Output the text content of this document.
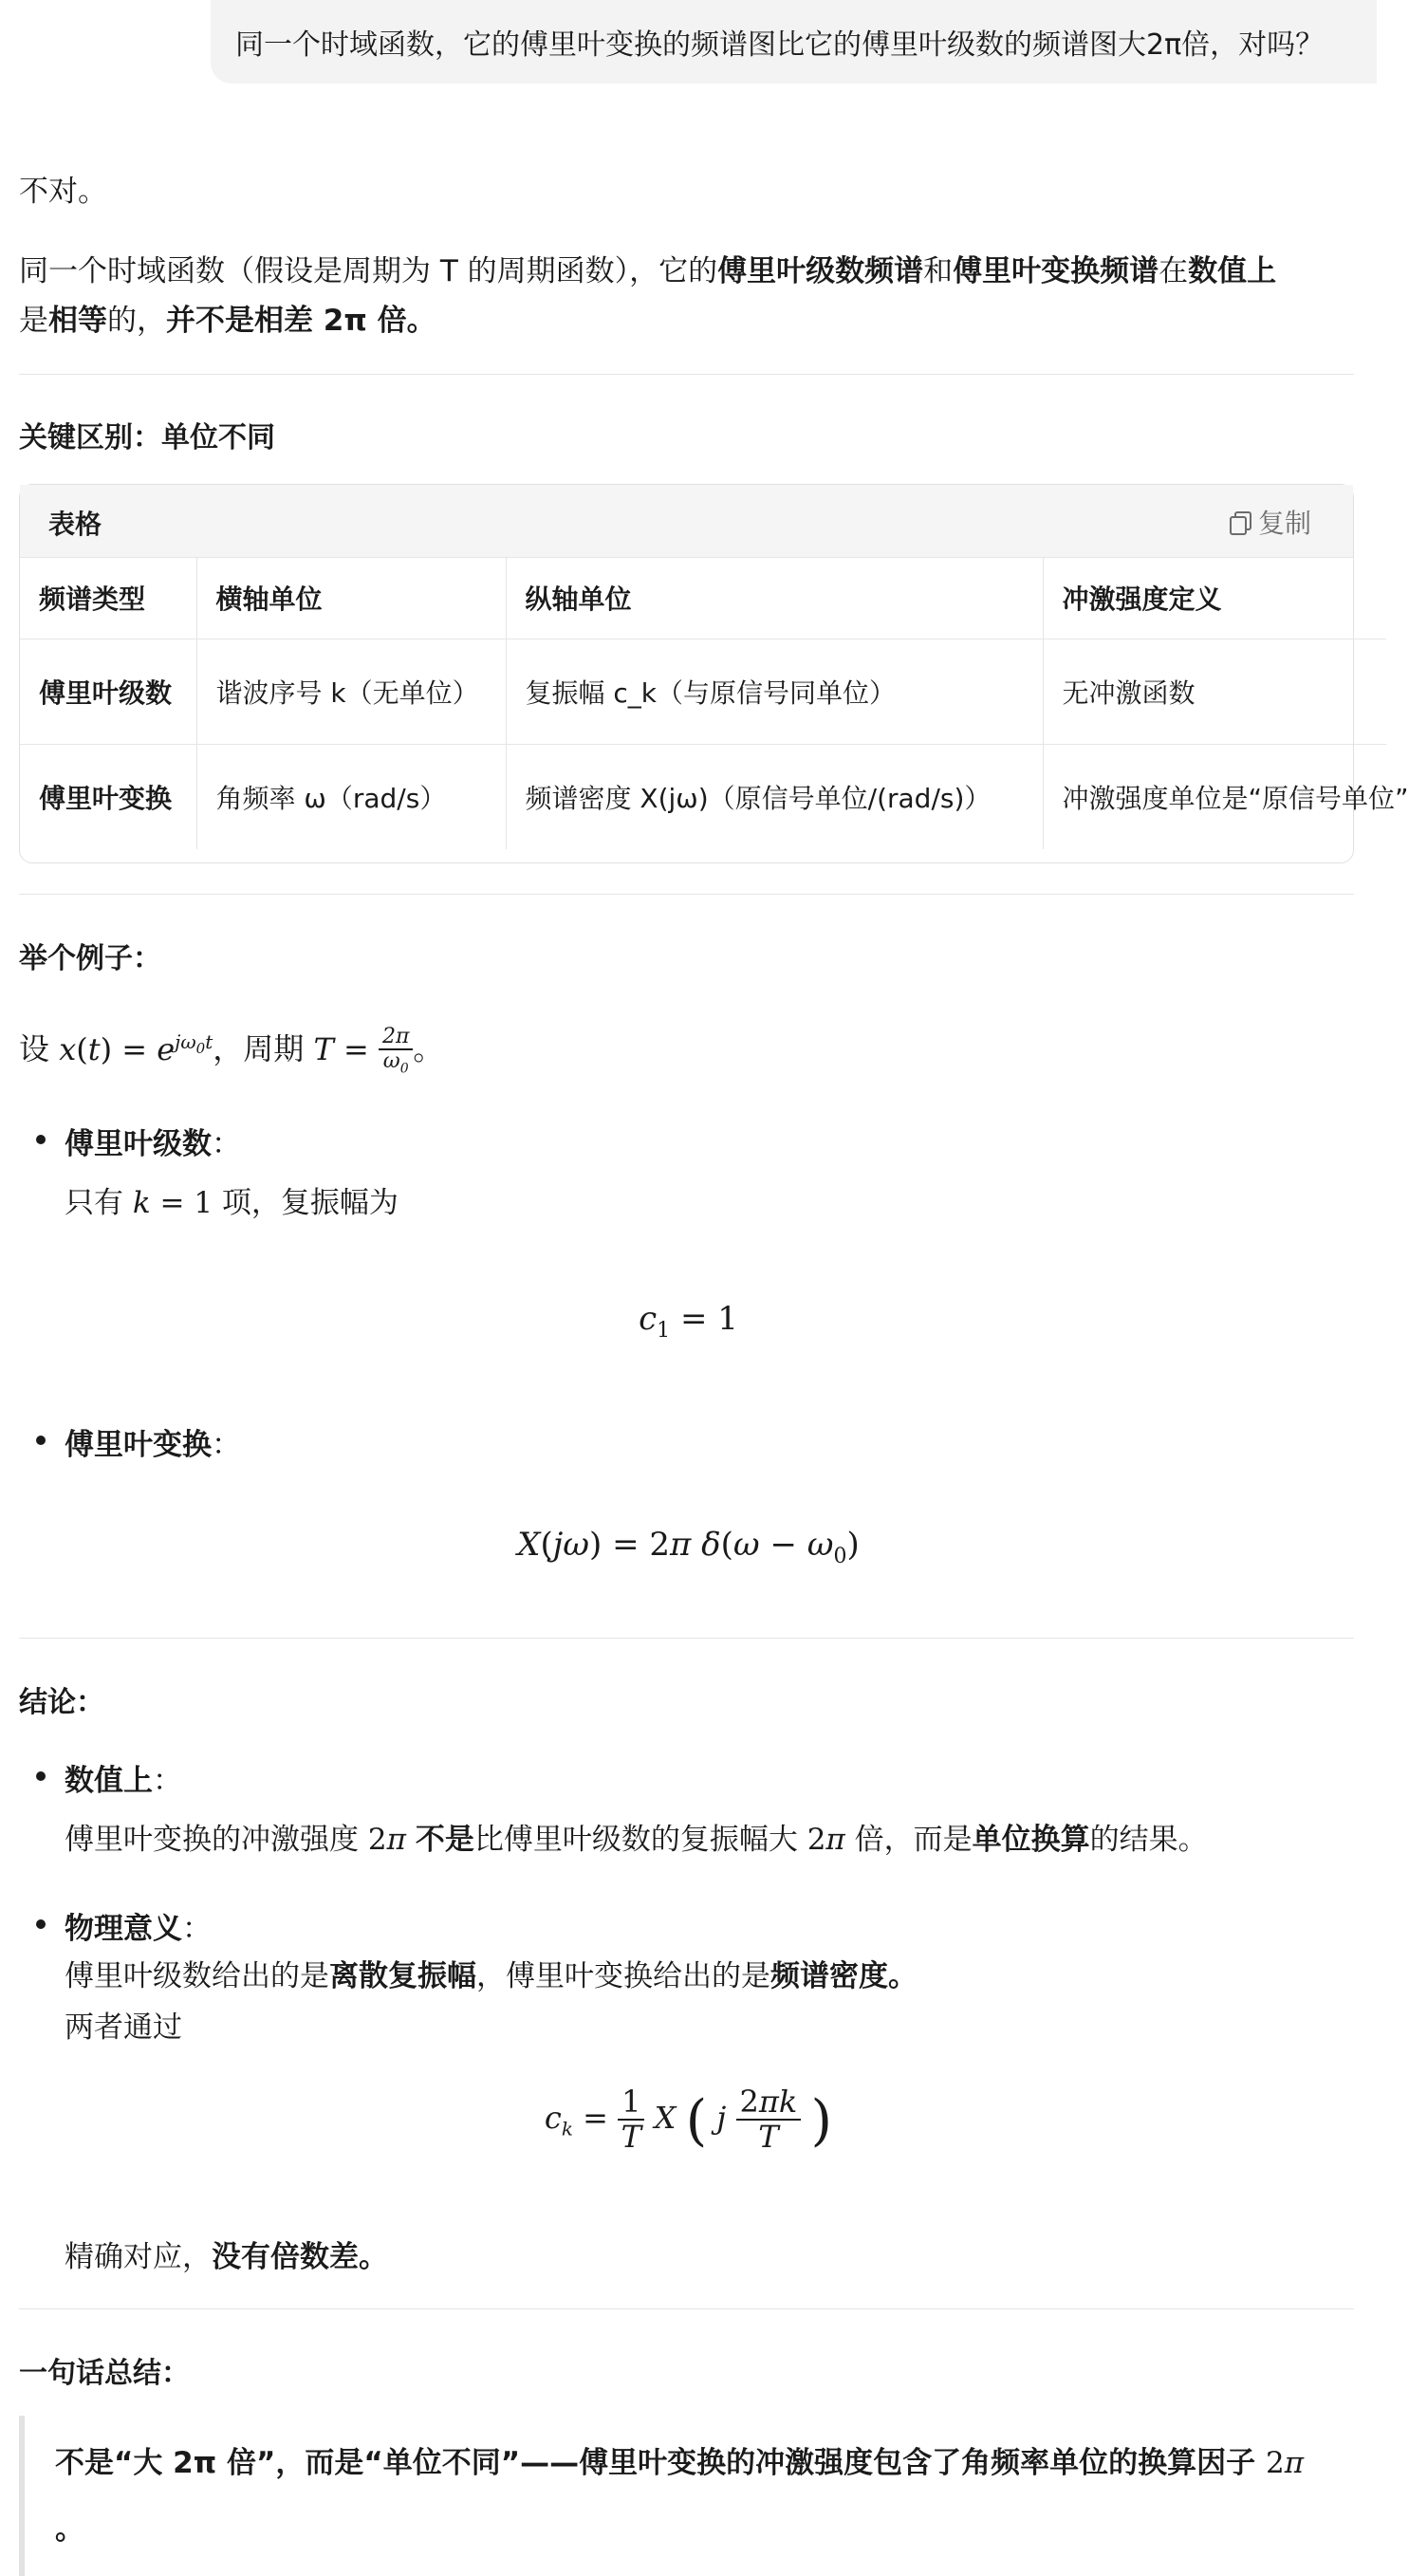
同一个时域函数，它的傅里叶变换的频谱图比它的傅里叶级数的频谱图大2π倍，对吗？
不对。
同一个时域函数（假设是周期为 T 的周期函数），它的傅里叶级数频谱和傅里叶变换频谱在数值上
是相等的，并不是相差 2π 倍。
关键区别：单位不同
表格	复制
频谱类型	横轴单位	纵轴单位	冲激强度定义
傅里叶级数	谐波序号 k（无单位）	复振幅 c_k（与原信号同单位）	无冲激函数
傅里叶变换	角频率 ω（rad/s）	频谱密度 X(jω)（原信号单位/(rad/s)）	冲激强度单位是“原信号单位”
举个例子：
设 $x(t) = e^{j\omega_0t}$，周期 $T = \frac{2\pi}{\omega_0}$ 。
傅里叶级数：
只有 k = 1 项，复振幅为
$c_1 = 1$
傅里叶变换：
X(jω) = 2π $\delta(\omega - \omega_0)$
结论：
数值上：
傅里叶变换的冲激强度 2π 不是比傅里叶级数的复振幅大 2π 倍，而是单位换算的结果。
物理意义：
傅里叶级数给出的是离散复振幅，傅里叶变换给出的是频谱密度。
两者通过
$c_k = \frac{1}{T}$ X ( j $\frac{2\pi k}{T}$ )
精确对应，没有倍数差。
一句话总结：
不是“大 2π 倍”，而是“单位不同”——傅里叶变换的冲激强度包含了角频率单位的换算因子 2π
。
